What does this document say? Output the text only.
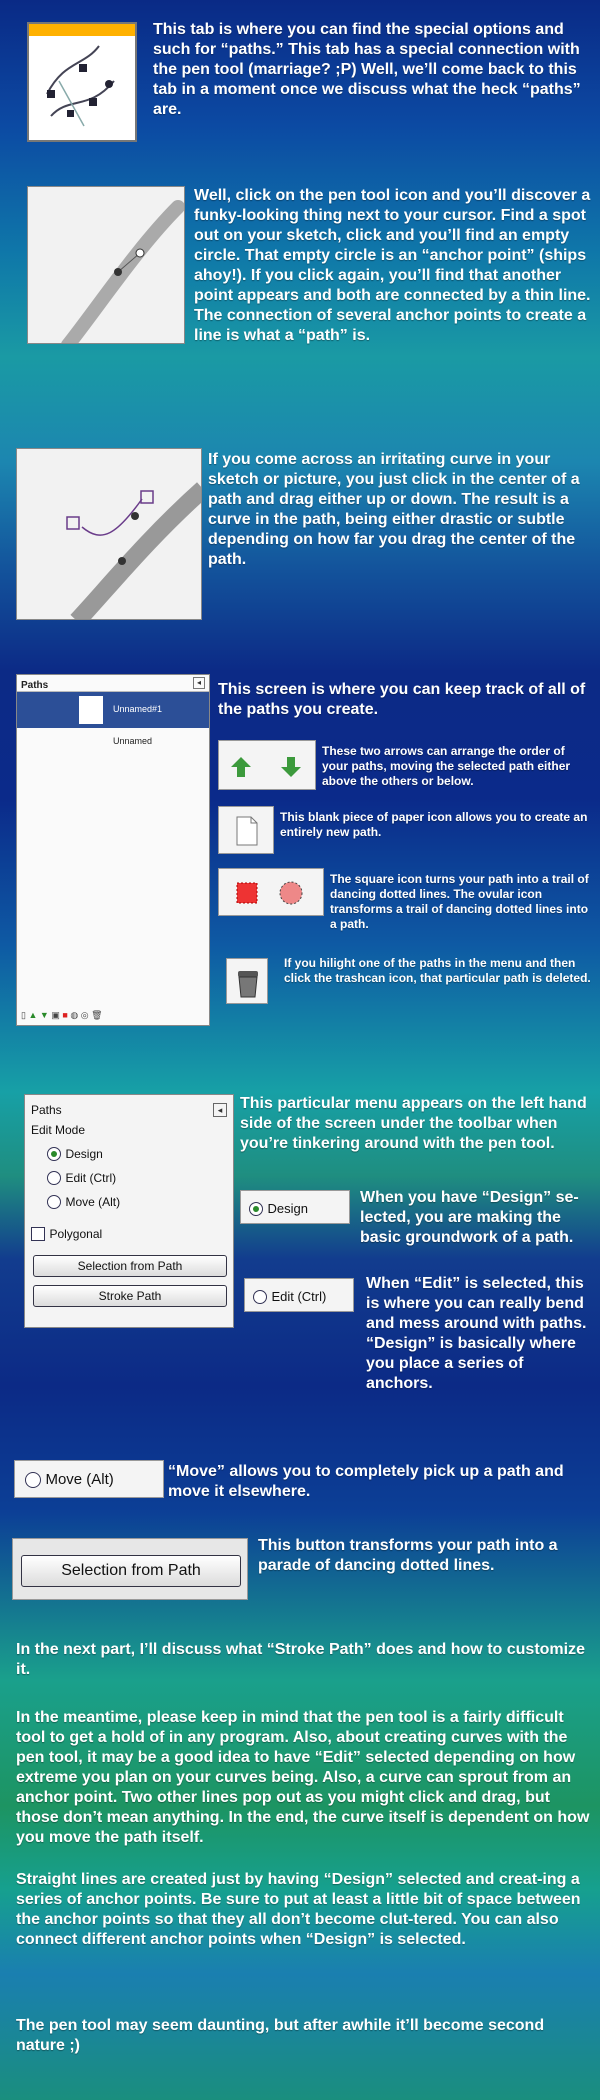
This tab is where you can find the special options and such for “paths.” This tab has a special connection with the pen tool (marriage? ;P) Well, we’ll come back to this tab in a moment once we discuss what the heck “paths” are.
Well, click on the pen tool icon and you’ll discover a funky-looking thing next to your cursor. Find a spot out on your sketch, click and you’ll find an empty circle. That empty circle is an “anchor point” (ships ahoy!). If you click again, you’ll find that another point appears and both are connected by a thin line. The connection of several anchor points to create a line is what a “path” is.
If you come across an irritating curve in your sketch or picture, you just click in the center of a path and drag either up or down. The result is a curve in the path, being either drastic or subtle depending on how far you drag the center of the path.
Paths	◂
Unnamed#1
Unnamed
▯ ▲ ▼ ▣ ■ ◍ ◎ 🗑
This screen is where you can keep track of all of the paths you create.
These two arrows can arrange the order of your paths, moving the selected path either above the others or below.
This blank piece of paper icon allows you to create an entirely new path.
The square icon turns your path into a trail of dancing dotted lines. The ovular icon transforms a trail of dancing dotted lines into a path.
If you hilight one of the paths in the menu and then click the trashcan icon, that particular path is deleted.
Paths	◂
Edit Mode
Design
Edit (Ctrl)
Move (Alt)
Polygonal
Selection from Path
Stroke Path
This particular menu appears on the left hand side of the screen under the toolbar when you’re tinkering around with the pen tool.
Design
When you have “Design” se-lected, you are making the basic groundwork of a path.
Edit (Ctrl)
When “Edit” is selected, this is where you can really bend and mess around with paths. “Design” is basically where you place a series of anchors.
Move (Alt)	“Move” allows you to completely pick up a path and move it elsewhere.
Selection from Path
This button transforms your path into a parade of dancing dotted lines.
In the next part, I’ll discuss what “Stroke Path” does and how to customize it.
In the meantime, please keep in mind that the pen tool is a fairly difficult tool to get a hold of in any program. Also, about creating curves with the pen tool, it may be a good idea to have “Edit” selected depending on how extreme you plan on your curves being. Also, a curve can sprout from an anchor point. Two other lines pop out as you might click and drag, but those don’t mean anything. In the end, the curve itself is dependent on how you move the path itself.
Straight lines are created just by having “Design” selected and creat-ing a series of anchor points. Be sure to put at least a little bit of space between the anchor points so that they all don’t become clut-tered. You can also connect different anchor points when “Design” is selected.
The pen tool may seem daunting, but after awhile it’ll become second nature ;)
